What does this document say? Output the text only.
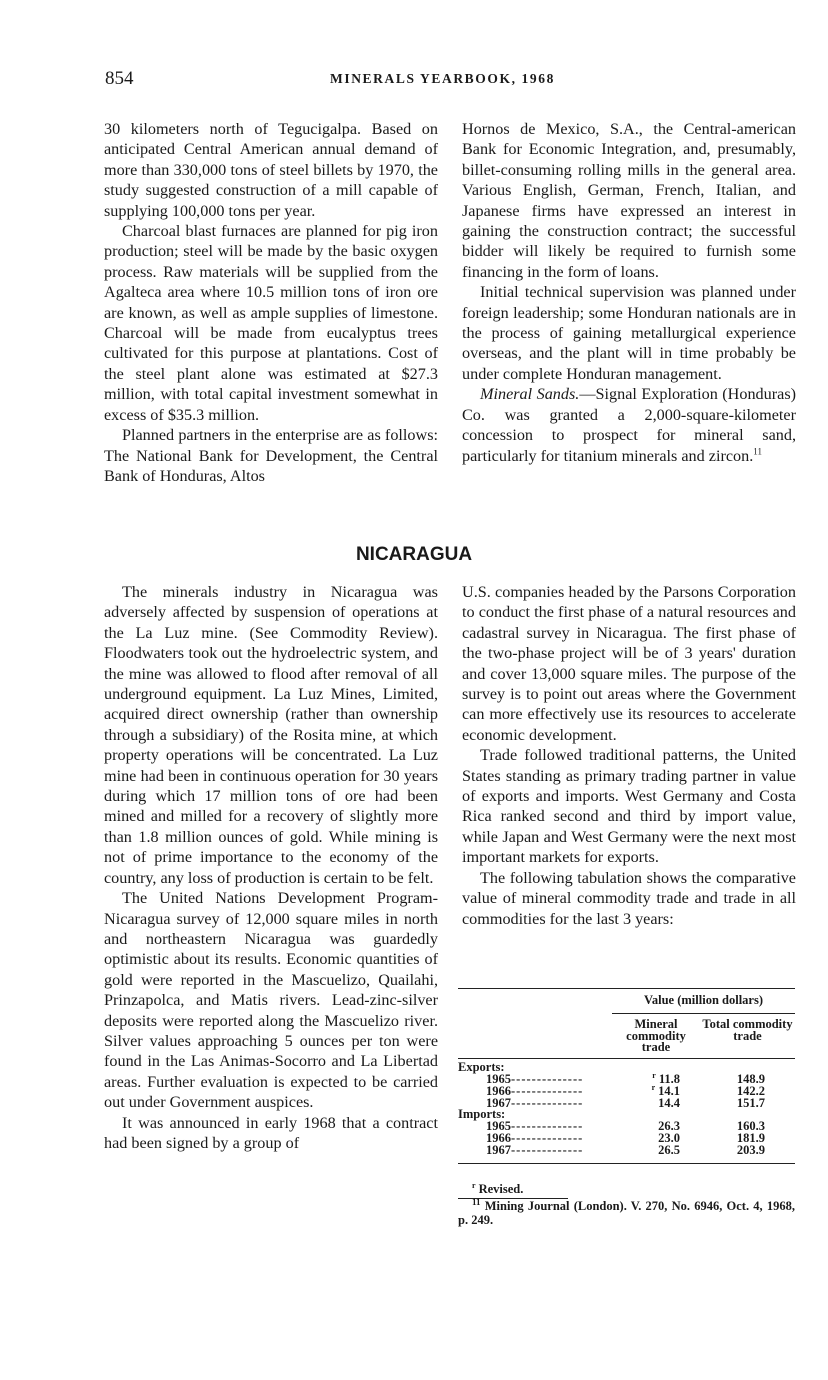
854	MINERALS YEARBOOK, 1968

30 kilometers north of Tegucigalpa. Based on anticipated Central American annual demand of more than 330,000 tons of steel billets by 1970, the study suggested construction of a mill capable of supplying 100,000 tons per year.

Charcoal blast furnaces are planned for pig iron production; steel will be made by the basic oxygen process. Raw materials will be supplied from the Agalteca area where 10.5 million tons of iron ore are known, as well as ample supplies of limestone. Charcoal will be made from eucalyptus trees cultivated for this purpose at plantations. Cost of the steel plant alone was estimated at $27.3 million, with total capital investment somewhat in excess of $35.3 million.

Planned partners in the enterprise are as follows: The National Bank for Development, the Central Bank of Honduras, Altos

Hornos de Mexico, S.A., the Central-american Bank for Economic Integration, and, presumably, billet-consuming rolling mills in the general area. Various English, German, French, Italian, and Japanese firms have expressed an interest in gaining the construction contract; the successful bidder will likely be required to furnish some financing in the form of loans.

Initial technical supervision was planned under foreign leadership; some Honduran nationals are in the process of gaining metallurgical experience overseas, and the plant will in time probably be under complete Honduran management.

Mineral Sands.—Signal Exploration (Honduras) Co. was granted a 2,000-square-kilometer concession to prospect for mineral sand, particularly for titanium minerals and zircon.$^{11}$

NICARAGUA

The minerals industry in Nicaragua was adversely affected by suspension of operations at the La Luz mine. (See Commodity Review). Floodwaters took out the hydroelectric system, and the mine was allowed to flood after removal of all underground equipment. La Luz Mines, Limited, acquired direct ownership (rather than ownership through a subsidiary) of the Rosita mine, at which property operations will be concentrated. La Luz mine had been in continuous operation for 30 years during which 17 million tons of ore had been mined and milled for a recovery of slightly more than 1.8 million ounces of gold. While mining is not of prime importance to the economy of the country, any loss of production is certain to be felt.

The United Nations Development Program-Nicaragua survey of 12,000 square miles in north and northeastern Nicaragua was guardedly optimistic about its results. Economic quantities of gold were reported in the Mascuelizo, Quailahi, Prinzapolca, and Matis rivers. Lead-zinc-silver deposits were reported along the Mascuelizo river. Silver values approaching 5 ounces per ton were found in the Las Animas-Socorro and La Libertad areas. Further evaluation is expected to be carried out under Government auspices.

It was announced in early 1968 that a contract had been signed by a group of

U.S. companies headed by the Parsons Corporation to conduct the first phase of a natural resources and cadastral survey in Nicaragua. The first phase of the two-phase project will be of 3 years' duration and cover 13,000 square miles. The purpose of the survey is to point out areas where the Government can more effectively use its resources to accelerate economic development.

Trade followed traditional patterns, the United States standing as primary trading partner in value of exports and imports. West Germany and Costa Rica ranked second and third by import value, while Japan and West Germany were the next most important markets for exports.

The following tabulation shows the comparative value of mineral commodity trade and trade in all commodities for the last 3 years:

	Value (million dollars)	
	Mineral commodity trade	Total commodity trade
Exports:		
1965--------------	$^r$ 11.8	148.9
1966--------------	$^r$ 14.1	142.2
1967--------------	14.4	151.7
Imports:		
1965--------------	26.3	160.3
1966--------------	23.0	181.9
1967--------------	26.5	203.9

$^r$ Revised.
$^{11}$ Mining Journal (London). V. 270, No. 6946, Oct. 4, 1968, p. 249.
